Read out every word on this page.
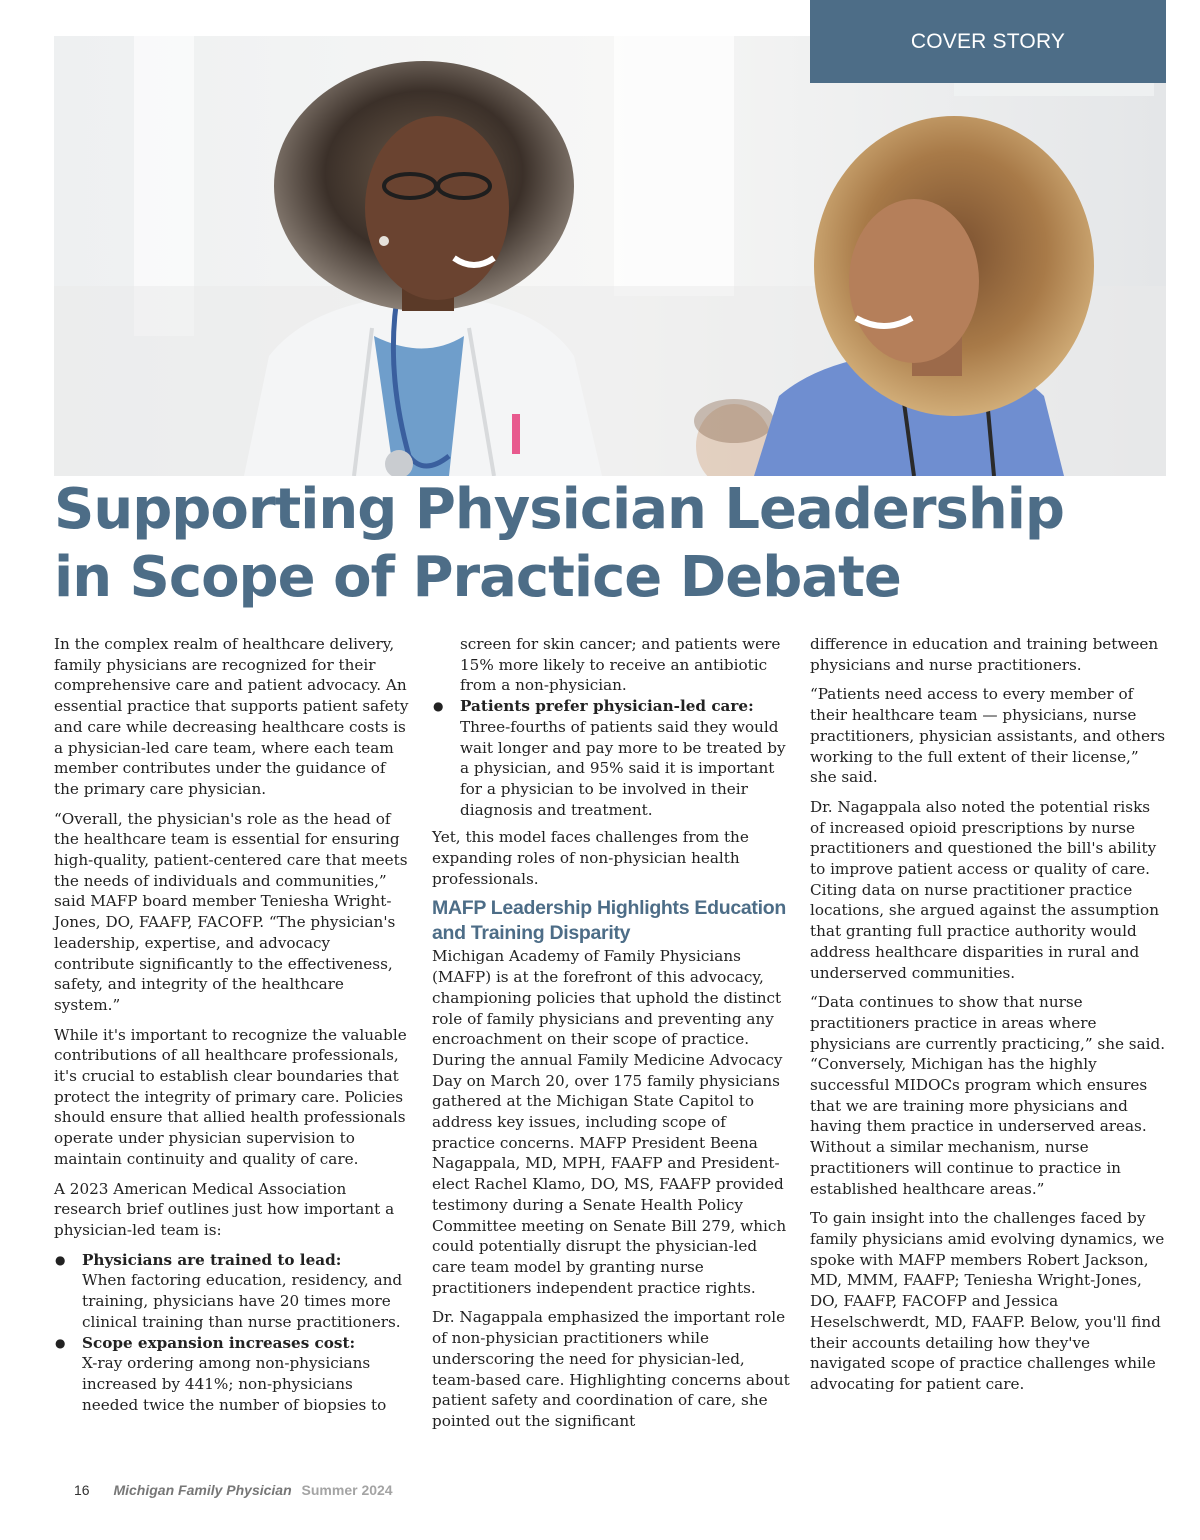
COVER STORY
Supporting Physician Leadership
in Scope of Practice Debate

In the complex realm of healthcare delivery, family physicians are recognized for their comprehensive care and patient advocacy. An essential practice that supports patient safety and care while decreasing healthcare costs is a physician-led care team, where each team member contributes under the guidance of the primary care physician.

“Overall, the physician's role as the head of the healthcare team is essential for ensuring high-quality, patient-centered care that meets the needs of individuals and communities,” said MAFP board member Teniesha Wright-Jones, DO, FAAFP, FACOFP. “The physician's leadership, expertise, and advocacy contribute significantly to the effectiveness, safety, and integrity of the healthcare system.”

While it's important to recognize the valuable contributions of all healthcare professionals, it's crucial to establish clear boundaries that protect the integrity of primary care. Policies should ensure that allied health professionals operate under physician supervision to maintain continuity and quality of care.

A 2023 American Medical Association research brief outlines just how important a physician-led team is:

● Physicians are trained to lead:
When factoring education, residency, and training, physicians have 20 times more clinical training than nurse practitioners.
● Scope expansion increases cost:
X-ray ordering among non-physicians increased by 441%; non-physicians needed twice the number of biopsies to
screen for skin cancer; and patients were 15% more likely to receive an antibiotic from a non-physician.
● Patients prefer physician-led care:
Three-fourths of patients said they would wait longer and pay more to be treated by a physician, and 95% said it is important for a physician to be involved in their diagnosis and treatment.

Yet, this model faces challenges from the expanding roles of non-physician health professionals.

MAFP Leadership Highlights Education and Training Disparity

Michigan Academy of Family Physicians (MAFP) is at the forefront of this advocacy, championing policies that uphold the distinct role of family physicians and preventing any encroachment on their scope of practice. During the annual Family Medicine Advocacy Day on March 20, over 175 family physicians gathered at the Michigan State Capitol to address key issues, including scope of practice concerns. MAFP President Beena Nagappala, MD, MPH, FAAFP and President-elect Rachel Klamo, DO, MS, FAAFP provided testimony during a Senate Health Policy Committee meeting on Senate Bill 279, which could potentially disrupt the physician-led care team model by granting nurse practitioners independent practice rights.

Dr. Nagappala emphasized the important role of non-physician practitioners while underscoring the need for physician-led, team-based care. Highlighting concerns about patient safety and coordination of care, she pointed out the significant

difference in education and training between physicians and nurse practitioners.

“Patients need access to every member of their healthcare team — physicians, nurse practitioners, physician assistants, and others working to the full extent of their license,” she said.

Dr. Nagappala also noted the potential risks of increased opioid prescriptions by nurse practitioners and questioned the bill's ability to improve patient access or quality of care. Citing data on nurse practitioner practice locations, she argued against the assumption that granting full practice authority would address healthcare disparities in rural and underserved communities.

“Data continues to show that nurse practitioners practice in areas where physicians are currently practicing,” she said. “Conversely, Michigan has the highly successful MIDOCs program which ensures that we are training more physicians and having them practice in underserved areas. Without a similar mechanism, nurse practitioners will continue to practice in established healthcare areas.”

To gain insight into the challenges faced by family physicians amid evolving dynamics, we spoke with MAFP members Robert Jackson, MD, MMM, FAAFP; Teniesha Wright-Jones, DO, FAAFP, FACOFP and Jessica Heselschwerdt, MD, FAAFP. Below, you'll find their accounts detailing how they've navigated scope of practice challenges while advocating for patient care.

16 Michigan Family Physician Summer 2024
